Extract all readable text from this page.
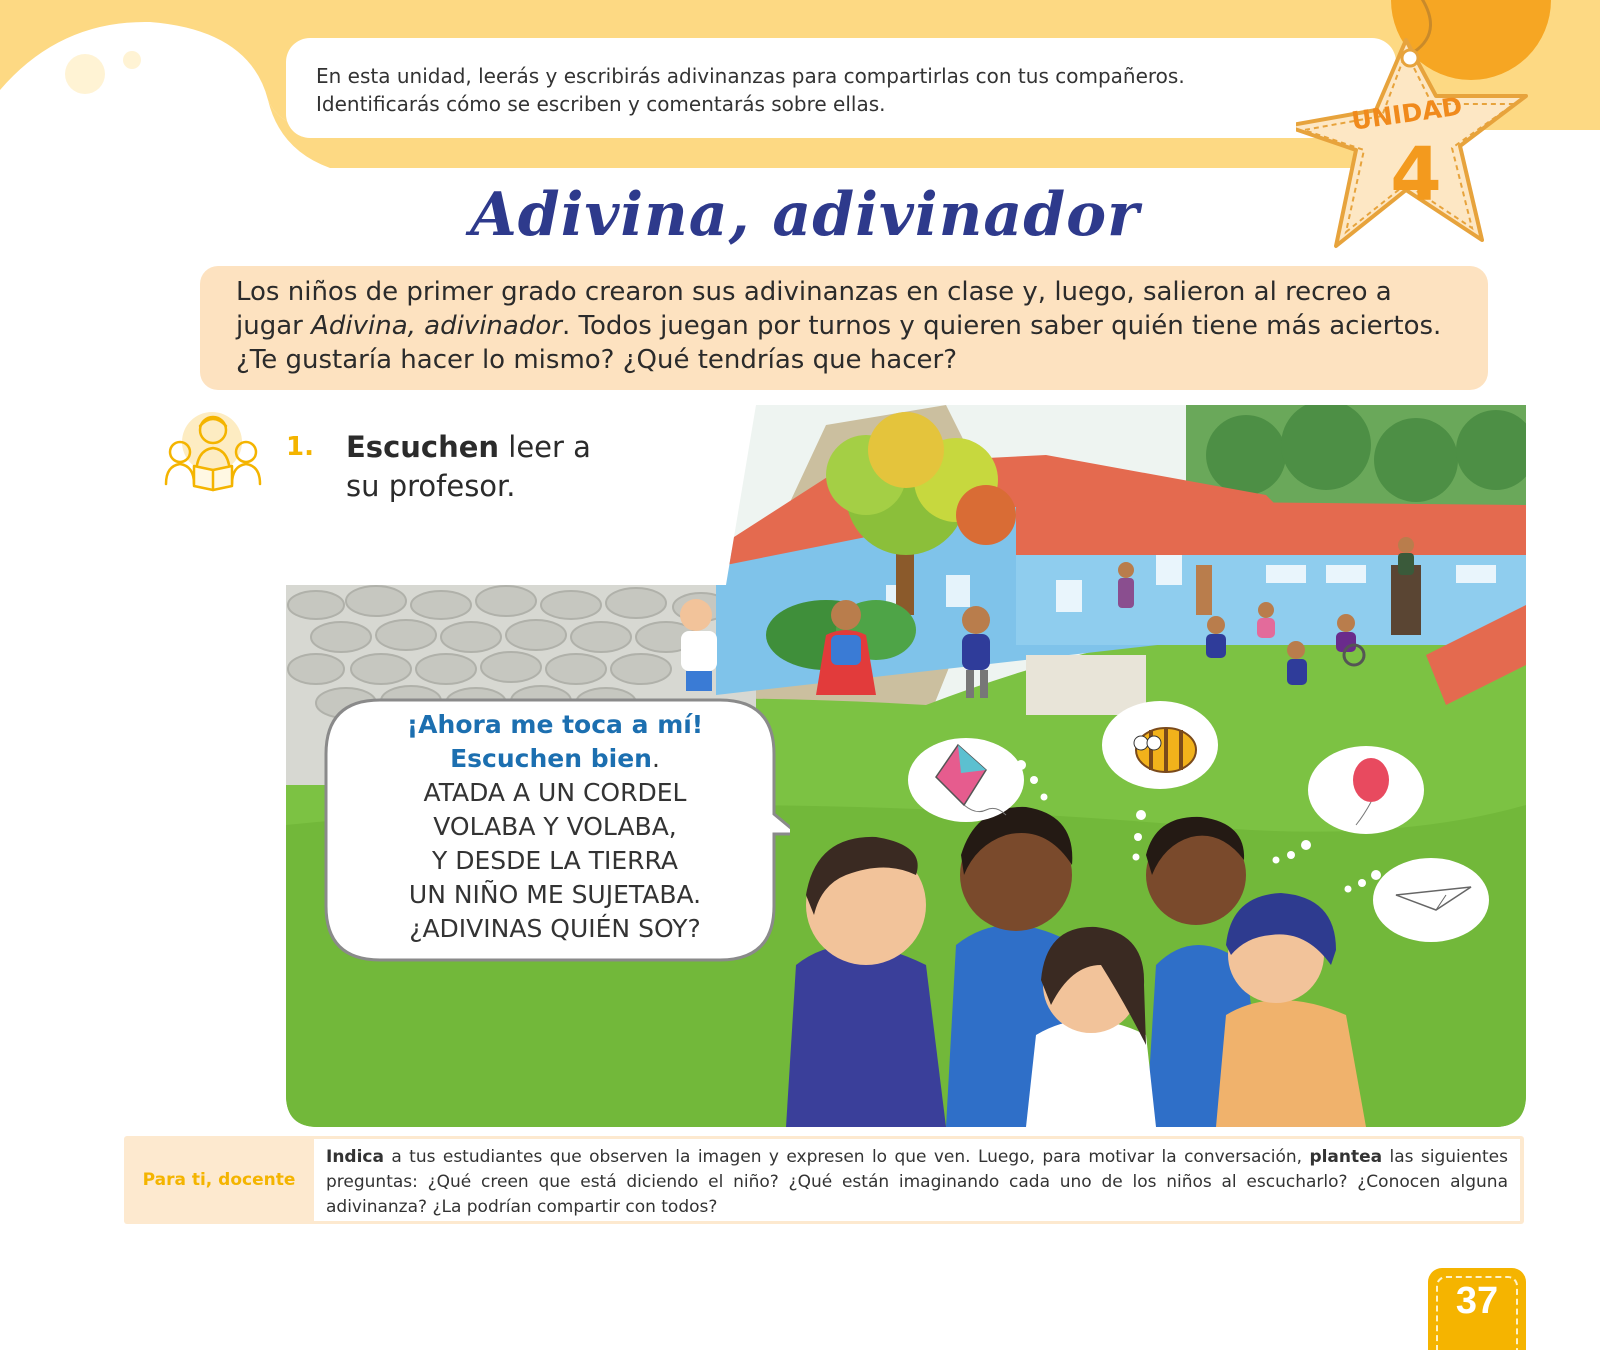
En esta unidad, leerás y escribirás adivinanzas para compartirlas con tus compañeros.

Identificarás cómo se escriben y comentarás sobre ellas.	UNIDAD
4
Adivina, adivinador

Los niños de primer grado crearon sus adivinanzas en clase y, luego, salieron al recreo a

jugar Adivina, adivinador. Todos juegan por turnos y quieren saber quién tiene más aciertos.

¿Te gustaría hacer lo mismo? ¿Qué tendrías que hacer?

1. Escuchen leer a
su profesor.
¡Ahora me toca a mí!
Escuchen bien.
ATADA A UN CORDEL
VOLABA Y VOLABA,
Y DESDE LA TIERRA
UN NIÑO ME SUJETABA.
¿ADIVINAS QUIÉN SOY?
Para ti, docente
Indica a tus estudiantes que observen la imagen y expresen lo que ven. Luego, para motivar la conversación, plantea las siguientes preguntas: ¿Qué creen que está diciendo el niño? ¿Qué están imaginando cada uno de los niños al escucharlo? ¿Conocen alguna adivinanza? ¿La podrían compartir con todos?
37
